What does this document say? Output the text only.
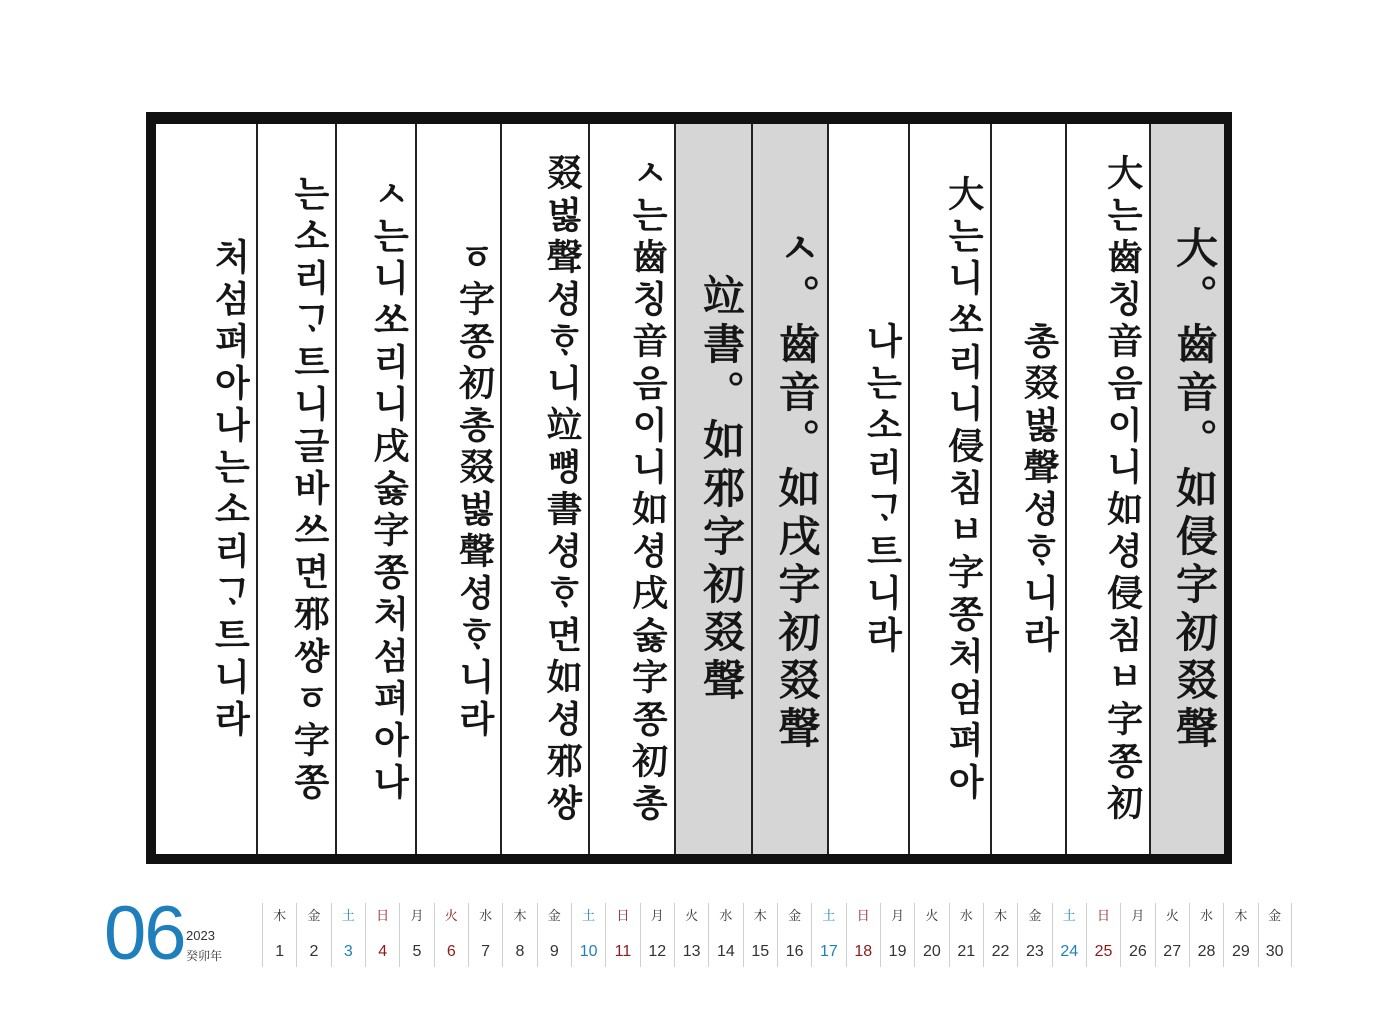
大。齒音。如侵字初叕聲
大는齒칭音음이니如셩侵침ㅂ字쫑初
총叕벓聲셩ᄒᆞ니라
大는니쏘리니侵침ㅂ字쫑처엄펴아
나는소리ᄀᆞ트니라
ㅅ。齒音。如戌字初叕聲
竝書。如邪字初叕聲
ㅅ는齒칭音음이니如셩戌슗字쫑初총
叕벓聲셩ᄒᆞ니竝뼝書셩ᄒᆞ면如셩邪썅
ㆆ字쫑初총叕벓聲셩ᄒᆞ니라
ㅅ는니쏘리니戌슗字쫑처섬펴아나
는소리ᄀᆞ트니글바쓰면邪썅ㆆ字쫑
처섬펴아나는소리ᄀᆞ트니라
06 2023
癸卯年
木
1
金
2
土
3
日
4
月
5
火
6
水
7
木
8
金
9
土
10
日
11
月
12
火
13
水
14
木
15
金
16
土
17
日
18
月
19
火
20
水
21
木
22
金
23
土
24
日
25
月
26
火
27
水
28
木
29
金
30
